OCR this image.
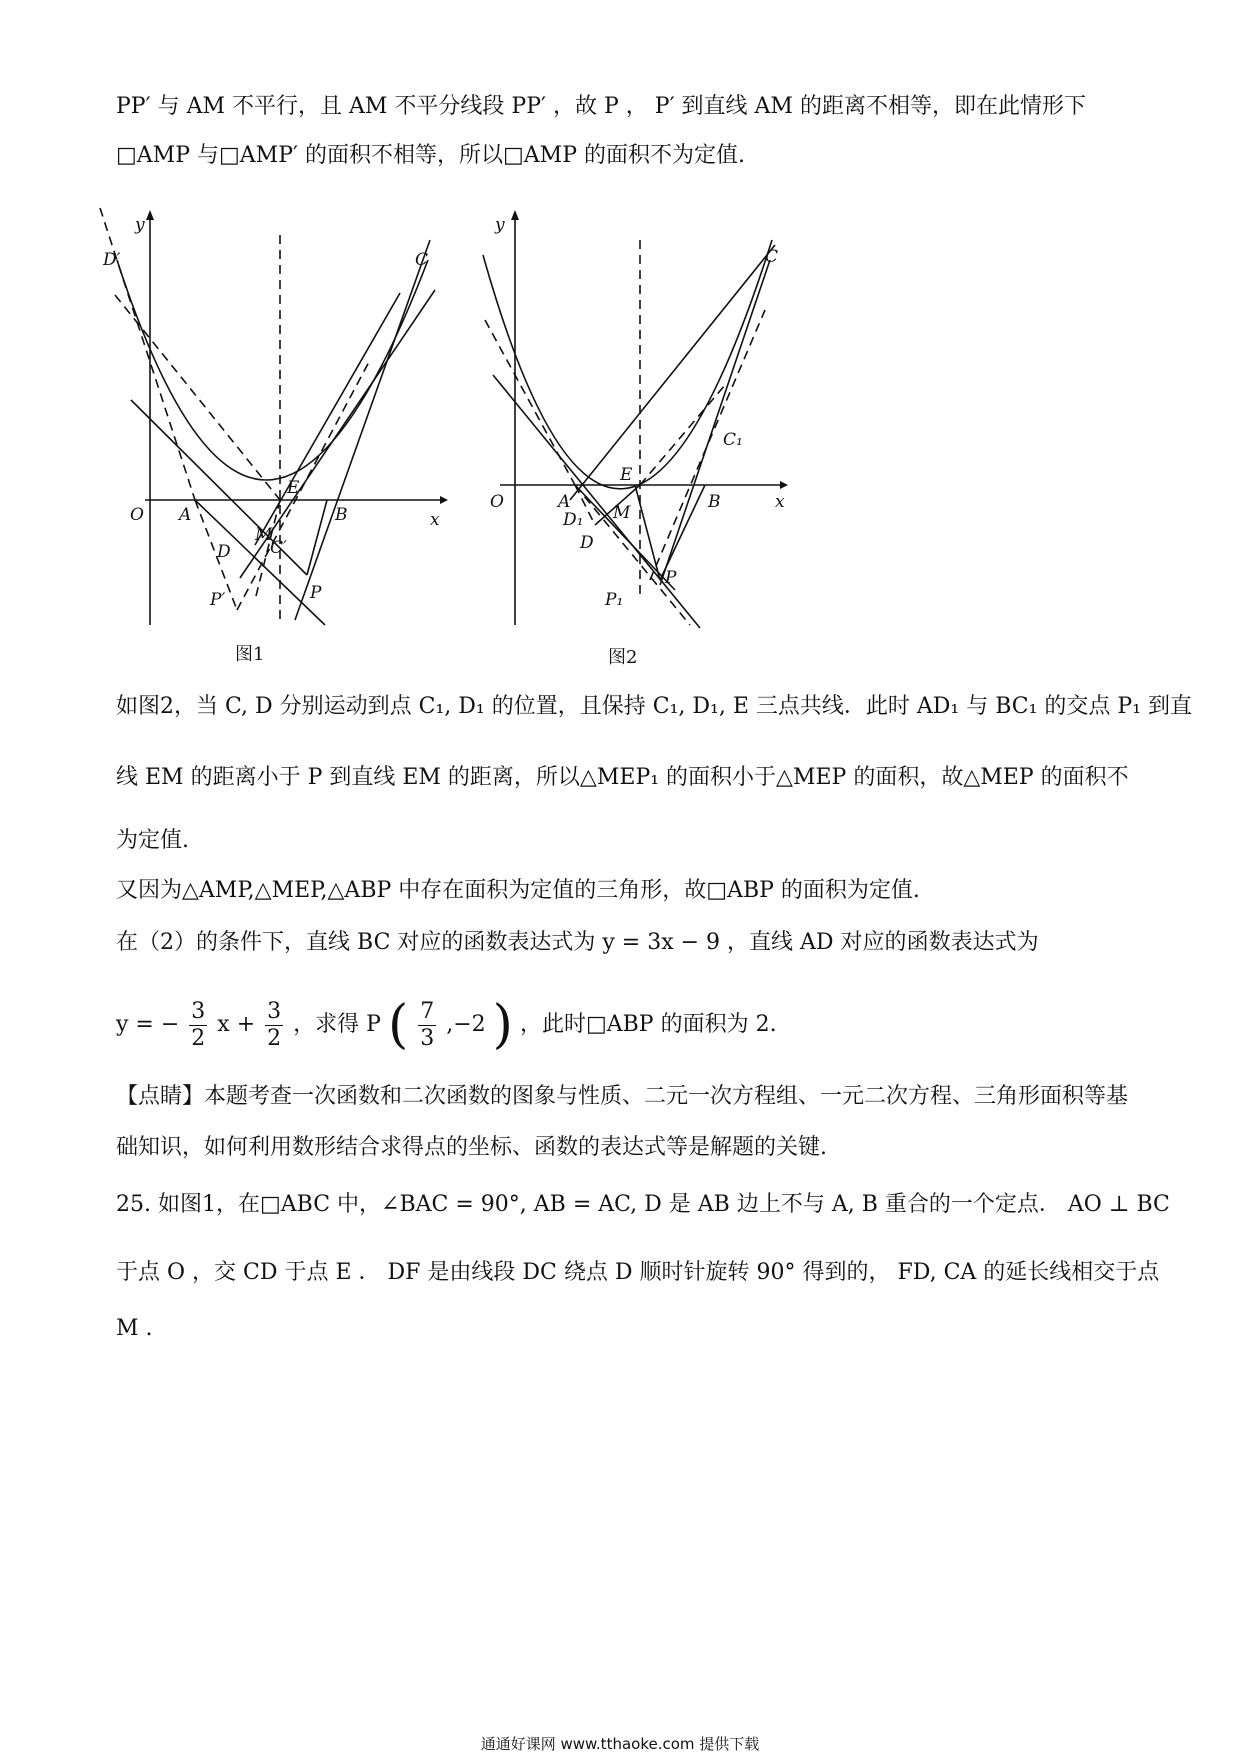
PP′ 与 AM 不平行，且 AM 不平分线段 PP′ ，故 P ， P′ 到直线 AM 的距离不相等，即在此情形下
□AMP 与□AMP′ 的面积不相等，所以□AMP 的面积不为定值.
y
x
O A	B
E
D
M
C′
D′	C
P
P′
图1
y
x
O	A	B
E
D
D₁ M
C
C₁
P
P₁
图2
如图2，当 C, D 分别运动到点 C₁, D₁ 的位置，且保持 C₁, D₁, E 三点共线．此时 AD₁ 与 BC₁ 的交点 P₁ 到直
线 EM 的距离小于 P 到直线 EM 的距离，所以△MEP₁ 的面积小于△MEP 的面积，故△MEP 的面积不
为定值.
又因为△AMP,△MEP,△ABP 中存在面积为定值的三角形，故□ABP 的面积为定值.
在（2）的条件下，直线 BC 对应的函数表达式为 y = 3x − 9 ，直线 AD 对应的函数表达式为
y = − $\frac{3}{2}$ $x + \frac{3}{2}$ ，求得 P ( $\frac{7}{3} ,-2$ ) ，此时□ABP 的面积为 2.
【点睛】本题考查一次函数和二次函数的图象与性质、二元一次方程组、一元二次方程、三角形面积等基
础知识，如何利用数形结合求得点的坐标、函数的表达式等是解题的关键.
25. 如图1，在□ABC 中，∠BAC = 90°, AB = AC, D 是 AB 边上不与 A, B 重合的一个定点． AO ⊥ BC
于点 O ，交 CD 于点 E ． DF 是由线段 DC 绕点 D 顺时针旋转 90° 得到的， FD, CA 的延长线相交于点
M .
通通好课网 www.tthaoke.com 提供下载
